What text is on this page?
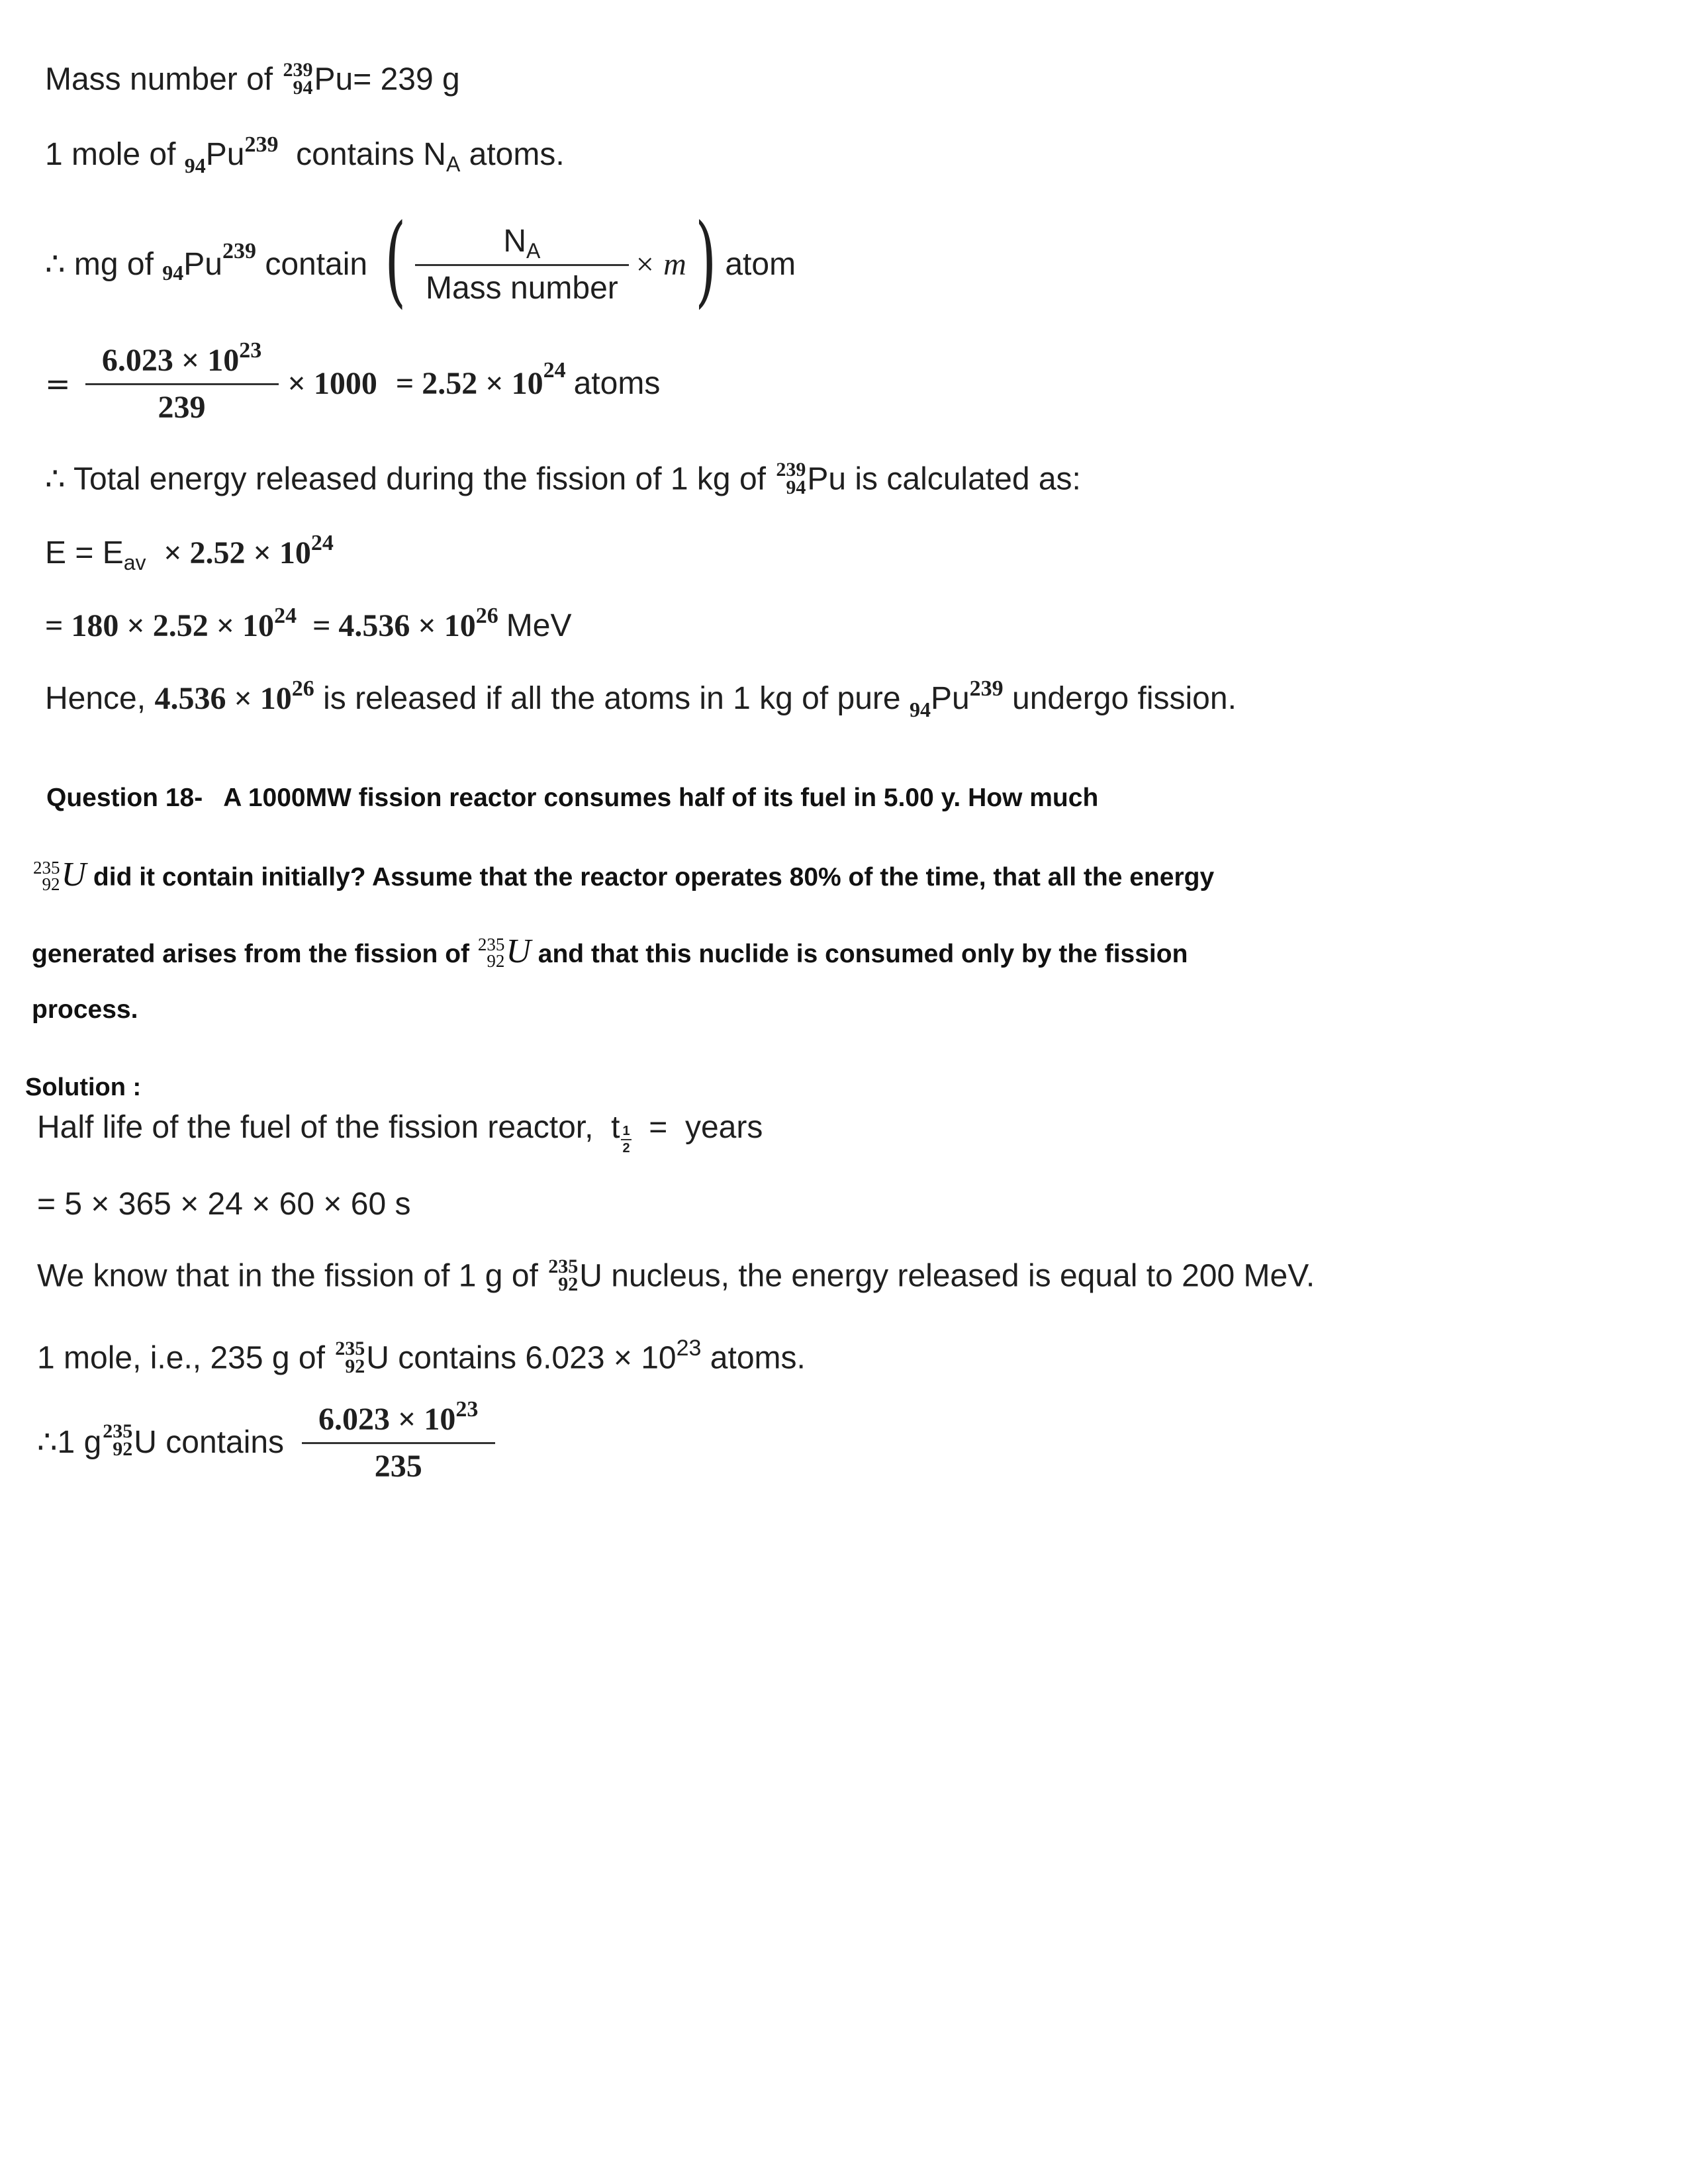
Mass number of 239
94 Pu= 239 g
1 mole of $_{94}Pu^{239}$ contains $N_A$ atoms.
∴ mg of
94 Pu 239
contain
( $\frac{N_A}{\text{Mass number}} \times m$ ) atom
= $\frac{6.023 \times 10^{23}}{239} \times 1000 = 2.52 \times 10$ 24 atoms
∴ Total energy released during the fission of 1 kg of 239
94 Pu is calculated as:
$E = E_{av} \times 2.52 \times 10^{24}$
= $180 \times 2.52 \times 10^{24} = 4.536 \times 10^{26}$ MeV
Hence, $4.536 \times 10^{26}$ is released if all the atoms in 1 kg of pure $_{94}Pu^{239}$ undergo fission.
Question 18- A 1000MW fission reactor consumes half of its fuel in 5.00 y. How much
235
92 U did it contain initially? Assume that the reactor operates 80% of the time, that all the energy
generated arises from the fission of 235
92 U and that this nuclide is consumed only by the fission
process.
Solution :
Half life of the fuel of the fission reactor, t $\frac{1}{2}$ =  years
= 5 × 365 × 24 × 60 × 60 s
We know that in the fission of 1 g of 235
92 U nucleus, the energy released is equal to 200 MeV.
1 mole, i.e., 235 g of 235
92 U contains $6.023 \times 10^{23}$ atoms.
∴1 g 235
92 U contains
$\frac{6.023 \times 10^{23}}{235}$
